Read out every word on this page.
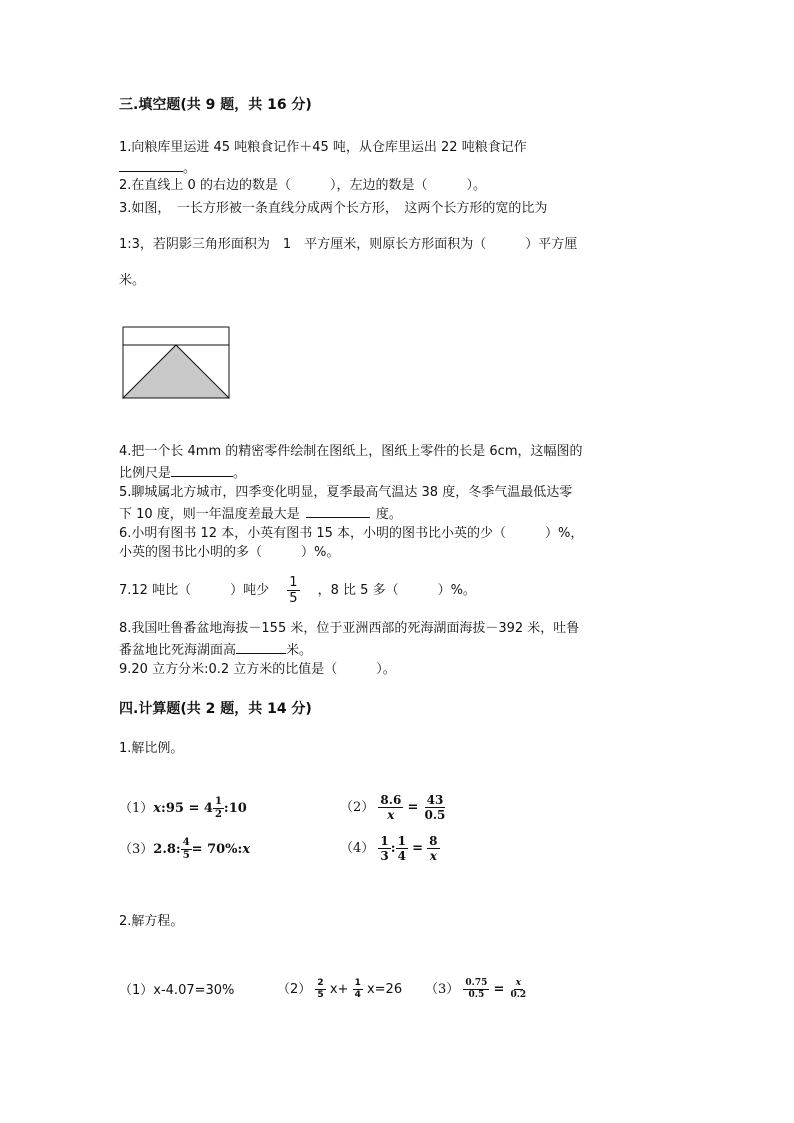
三.填空题(共 9 题，共 16 分)
1.向粮库里运进 45 吨粮食记作＋45 吨，从仓库里运出 22 吨粮食记作
。
2.在直线上 0 的右边的数是（　　　），左边的数是（　　　）。
3.如图，　一长方形被一条直线分成两个长方形，　这两个长方形的宽的比为
1:3，若阴影三角形面积为　1　平方厘米，则原长方形面积为（　　　）平方厘
米。
4.把一个长 4mm 的精密零件绘制在图纸上，图纸上零件的长是 6cm，这幅图的
比例尺是	。
5.聊城属北方城市，四季变化明显，夏季最高气温达 38 度，冬季气温最低达零
下 10 度，则一年温度差最大是	度。
6.小明有图书 12 本，小英有图书 15 本，小明的图书比小英的少（　　　）%，
小英的图书比小明的多（　　　）%。
7.12 吨比（　　　）吨少 $\frac{1}{5}$ ，8 比 5 多（　　　）%。
8.我国吐鲁番盆地海拔－155 米，位于亚洲西部的死海湖面海拔－392 米，吐鲁
番盆地比死海湖面高	米。
9.20 立方分米:0.2 立方米的比值是（　　　）。
四.计算题(共 2 题，共 14 分)
1.解比例。
（1）x:95 = $4 \frac{1}{2}$ :10	$(2) \frac{8.6}{x} = \frac{43}{0.5}$
（3）2.8: $\frac{4}{5}$ = 70%:x	$(4) \frac{1}{3}$ : $\frac{1}{4} = \frac{8}{x}$
2.解方程。
（1）x-4.07=30%	$(2) \frac{2}{5} x+ \frac{1}{4} x=26$ $(3) \frac{0.75}{0.5} = \frac{x}{0.2}$
